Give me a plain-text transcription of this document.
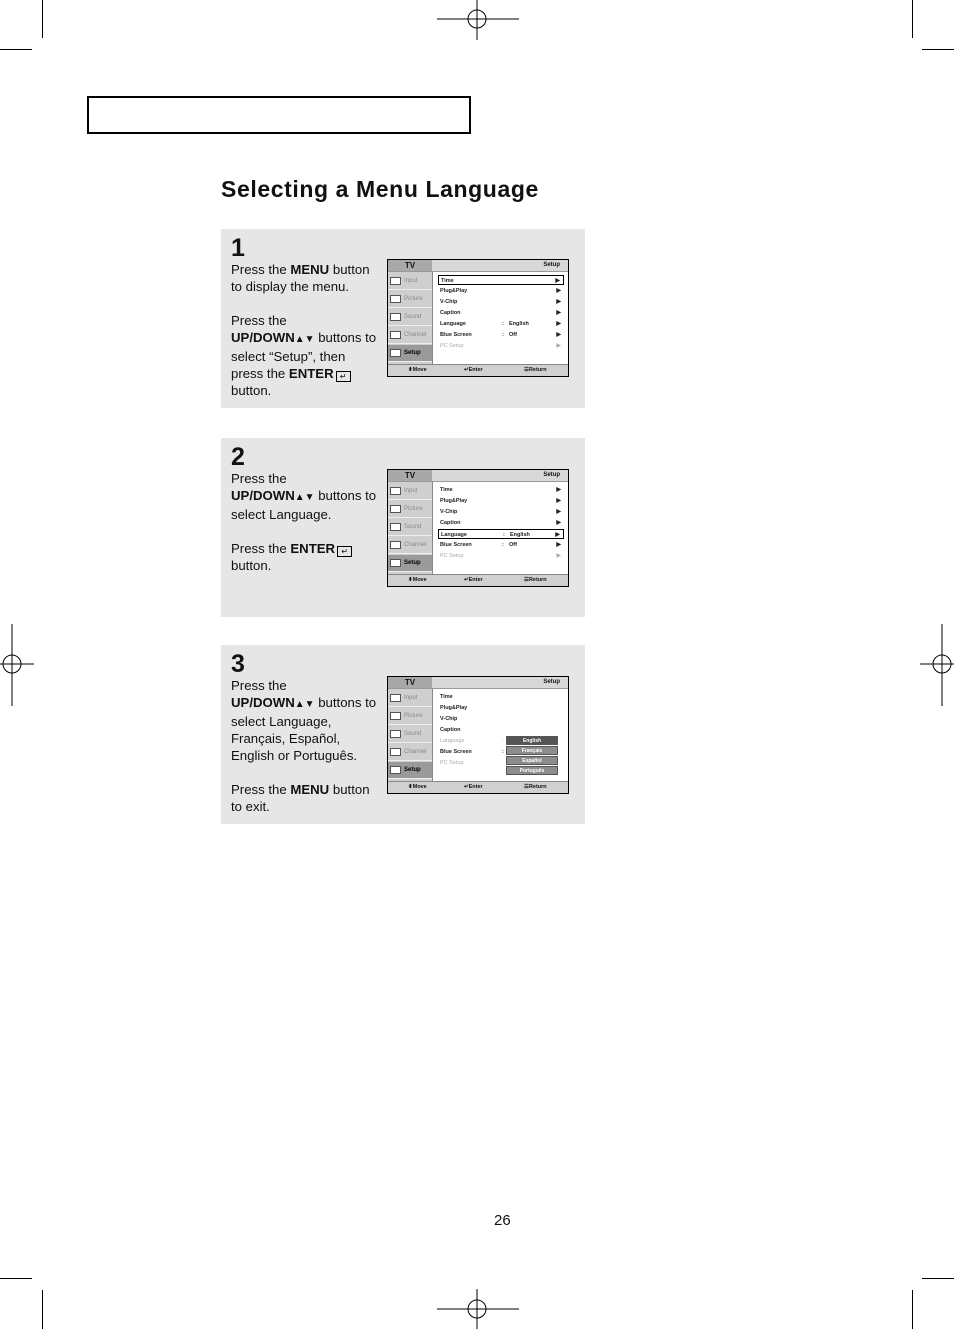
Selecting a Menu Language
1

Press the MENU button to display the menu.

Press the
UP/DOWN▲▼ buttons to select “Setup”, then press the ENTER ↵ button.

TV	Setup
Input
Picture
Sound
Channel
Setup
Time	▶
Plug&Play	▶
V-Chip	▶
Caption	▶
Language	: English	▶
Blue Screen	: Off	▶
PC Setup	▶
⬍ Move	↵ Enter	☰ Return
2

Press the
UP/DOWN▲▼ buttons to select Language.

Press the ENTER ↵ button.

TV	Setup
Input
Picture
Sound
Channel
Setup
Time	▶
Plug&Play	▶
V-Chip	▶
Caption	▶
Language	: English	▶
Blue Screen	: Off	▶
PC Setup	▶
⬍ Move	↵ Enter	☰ Return
3

Press the
UP/DOWN▲▼ buttons to select Language, Français, Español, English or Português.

Press the MENU button to exit.

TV	Setup
Input
Picture
Sound
Channel
Setup
Time
Plug&Play
V-Chip
Caption
Language	:
Blue Screen	:
PC Setup
English
Français
Español
Português
⬍ Move	↵ Enter	☰ Return
26
